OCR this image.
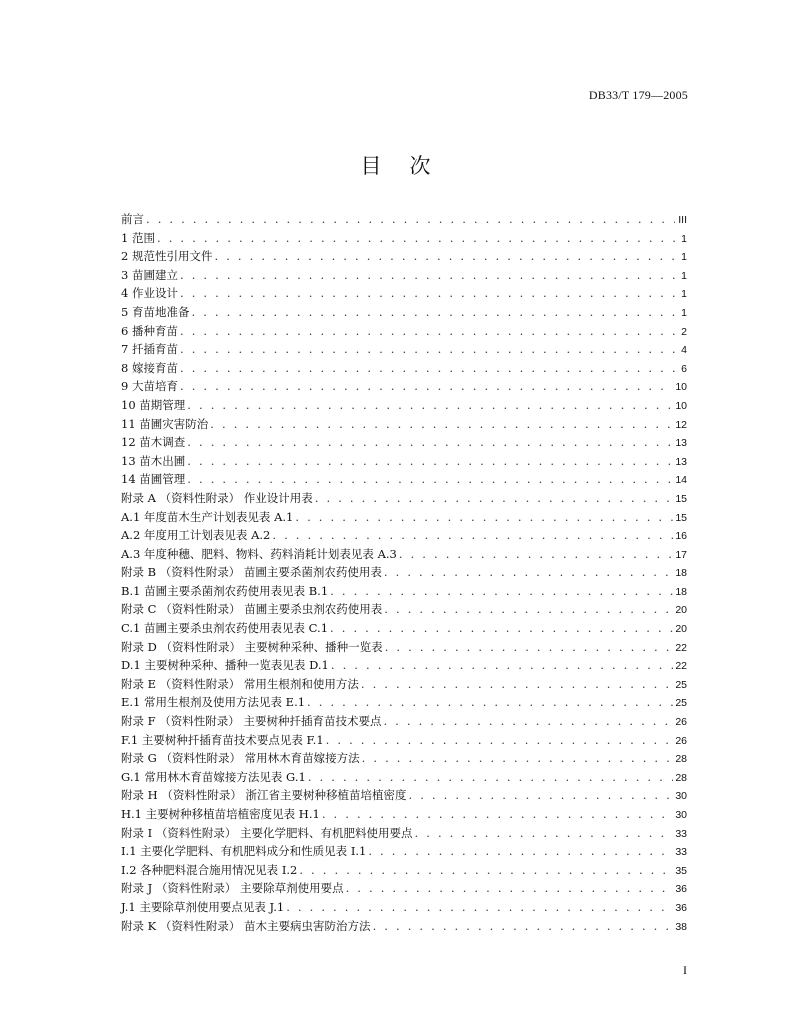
DB33/T 179—2005
目次
前言 . . .	III
1 范围 . . .	1
2 规范性引用文件 . . .	1
3 苗圃建立 . . .	1
4 作业设计 . . .	1
5 育苗地准备 . . .	1
6 播种育苗 . . .	2
7 扦插育苗 . . .	4
8 嫁接育苗 . . .	6
9 大苗培育 . . .	10
10 苗期管理 . . .	10
11 苗圃灾害防治 . . .	12
12 苗木调查 . . .	13
13 苗木出圃 . . .	13
14 苗圃管理 . . .	14
附录 A （资料性附录） 作业设计用表 . . .	15
A.1 年度苗木生产计划表见表 A.1 . . .	15
A.2 年度用工计划表见表 A.2 . . .	16
A.3 年度种穗、肥料、物料、药料消耗计划表见表 A.3 . . .	17
附录 B （资料性附录） 苗圃主要杀菌剂农药使用表 . . .	18
B.1 苗圃主要杀菌剂农药使用表见表 B.1 . . .	18
附录 C （资料性附录） 苗圃主要杀虫剂农药使用表 . . .	20
C.1 苗圃主要杀虫剂农药使用表见表 C.1 . . .	20
附录 D （资料性附录） 主要树种采种、播种一览表 . . .	22
D.1 主要树种采种、播种一览表见表 D.1 . . .	22
附录 E （资料性附录） 常用生根剂和使用方法 . . .	25
E.1 常用生根剂及使用方法见表 E.1 . . .	25
附录 F （资料性附录） 主要树种扦插育苗技术要点 . . .	26
F.1 主要树种扦插育苗技术要点见表 F.1 . . .	26
附录 G （资料性附录） 常用林木育苗嫁接方法 . . .	28
G.1 常用林木育苗嫁接方法见表 G.1 . . .	28
附录 H （资料性附录） 浙江省主要树种移植苗培植密度 . . .	30
H.1 主要树种移植苗培植密度见表 H.1 . . .	30
附录 I （资料性附录） 主要化学肥料、有机肥料使用要点 . . .	33
I.1 主要化学肥料、有机肥料成分和性质见表 I.1 . . .	33
I.2 各种肥料混合施用情况见表 I.2 . . .	35
附录 J （资料性附录） 主要除草剂使用要点 . . .	36
J.1 主要除草剂使用要点见表 J.1 . . .	36
附录 K （资料性附录） 苗木主要病虫害防治方法 . . .	38
I
